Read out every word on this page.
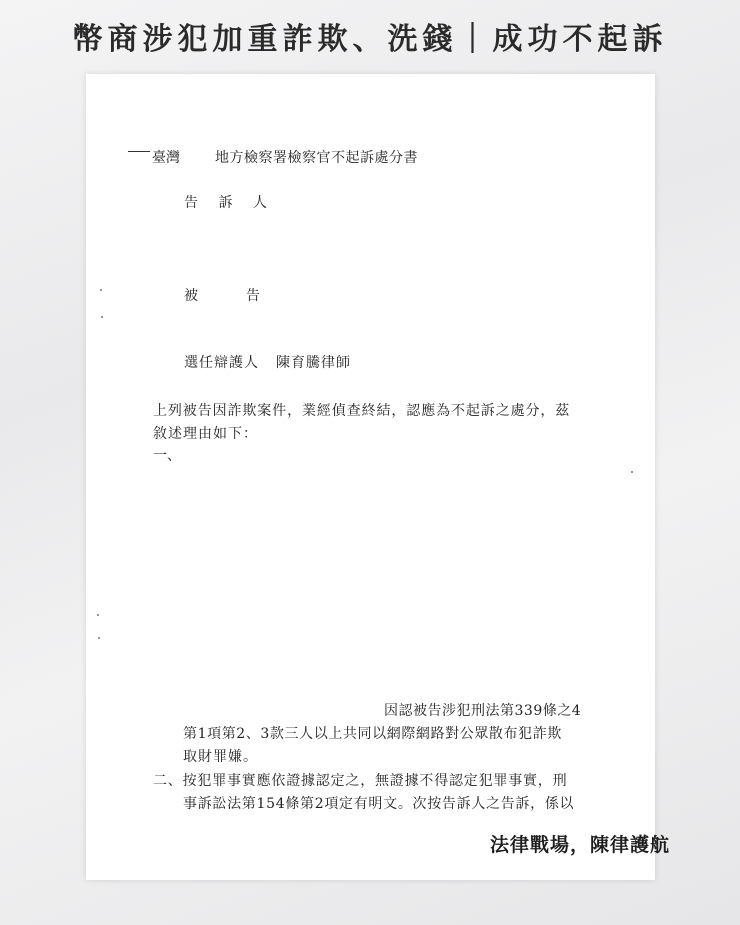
幣商涉犯加重詐欺、洗錢｜成功不起訴
臺灣	地方檢察署檢察官不起訴處分書
告 訴 人
被	告
選任辯護人 陳育騰律師
上列被告因詐欺案件，業經偵查終結，認應為不起訴之處分，茲
敘述理由如下：
一、
因認被告涉犯刑法第339條之4
第1項第2、3款三人以上共同以網際網路對公眾散布犯詐欺
取財罪嫌。
二、按犯罪事實應依證據認定之，無證據不得認定犯罪事實，刑
事訴訟法第154條第2項定有明文。次按告訴人之告訴，係以
法律戰場，陳律護航
